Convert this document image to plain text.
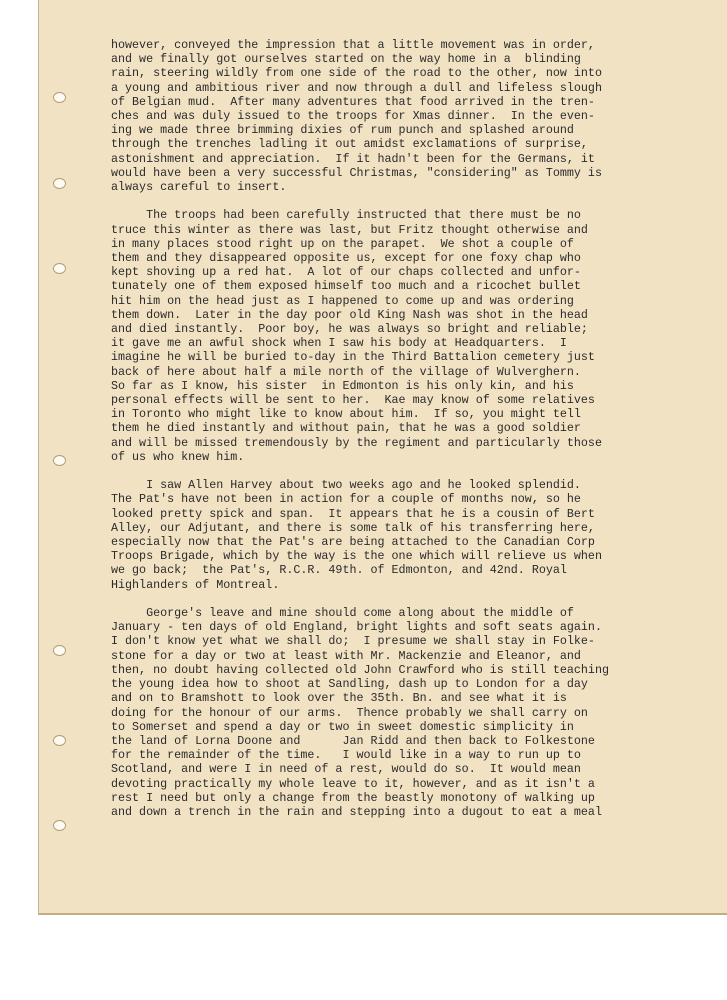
however, conveyed the impression that a little movement was in order,
and we finally got ourselves started on the way home in a  blinding
rain, steering wildly from one side of the road to the other, now into
a young and ambitious river and now through a dull and lifeless slough
of Belgian mud.  After many adventures that food arrived in the tren-
ches and was duly issued to the troops for Xmas dinner.  In the even-
ing we made three brimming dixies of rum punch and splashed around
through the trenches ladling it out amidst exclamations of surprise,
astonishment and appreciation.  If it hadn't been for the Germans, it
would have been a very successful Christmas, "considering" as Tommy is
always careful to insert.
The troops had been carefully instructed that there must be no
truce this winter as there was last, but Fritz thought otherwise and
in many places stood right up on the parapet.  We shot a couple of
them and they disappeared opposite us, except for one foxy chap who
kept shoving up a red hat.  A lot of our chaps collected and unfor-
tunately one of them exposed himself too much and a ricochet bullet
hit him on the head just as I happened to come up and was ordering
them down.  Later in the day poor old King Nash was shot in the head
and died instantly.  Poor boy, he was always so bright and reliable;
it gave me an awful shock when I saw his body at Headquarters.  I
imagine he will be buried to-day in the Third Battalion cemetery just
back of here about half a mile north of the village of Wulverghern.
So far as I know, his sister  in Edmonton is his only kin, and his
personal effects will be sent to her.  Kae may know of some relatives
in Toronto who might like to know about him.  If so, you might tell
them he died instantly and without pain, that he was a good soldier
and will be missed tremendously by the regiment and particularly those
of us who knew him.
I saw Allen Harvey about two weeks ago and he looked splendid.
The Pat's have not been in action for a couple of months now, so he
looked pretty spick and span.  It appears that he is a cousin of Bert
Alley, our Adjutant, and there is some talk of his transferring here,
especially now that the Pat's are being attached to the Canadian Corp
Troops Brigade, which by the way is the one which will relieve us when
we go back;  the Pat's, R.C.R. 49th. of Edmonton, and 42nd. Royal
Highlanders of Montreal.
George's leave and mine should come along about the middle of
January - ten days of old England, bright lights and soft seats again.
I don't know yet what we shall do;  I presume we shall stay in Folke-
stone for a day or two at least with Mr. Mackenzie and Eleanor, and
then, no doubt having collected old John Crawford who is still teaching
the young idea how to shoot at Sandling, dash up to London for a day
and on to Bramshott to look over the 35th. Bn. and see what it is
doing for the honour of our arms.  Thence probably we shall carry on
to Somerset and spend a day or two in sweet domestic simplicity in
the land of Lorna Doone and      Jan Ridd and then back to Folkestone
for the remainder of the time.   I would like in a way to run up to
Scotland, and were I in need of a rest, would do so.  It would mean
devoting practically my whole leave to it, however, and as it isn't a
rest I need but only a change from the beastly monotony of walking up
and down a trench in the rain and stepping into a dugout to eat a meal
